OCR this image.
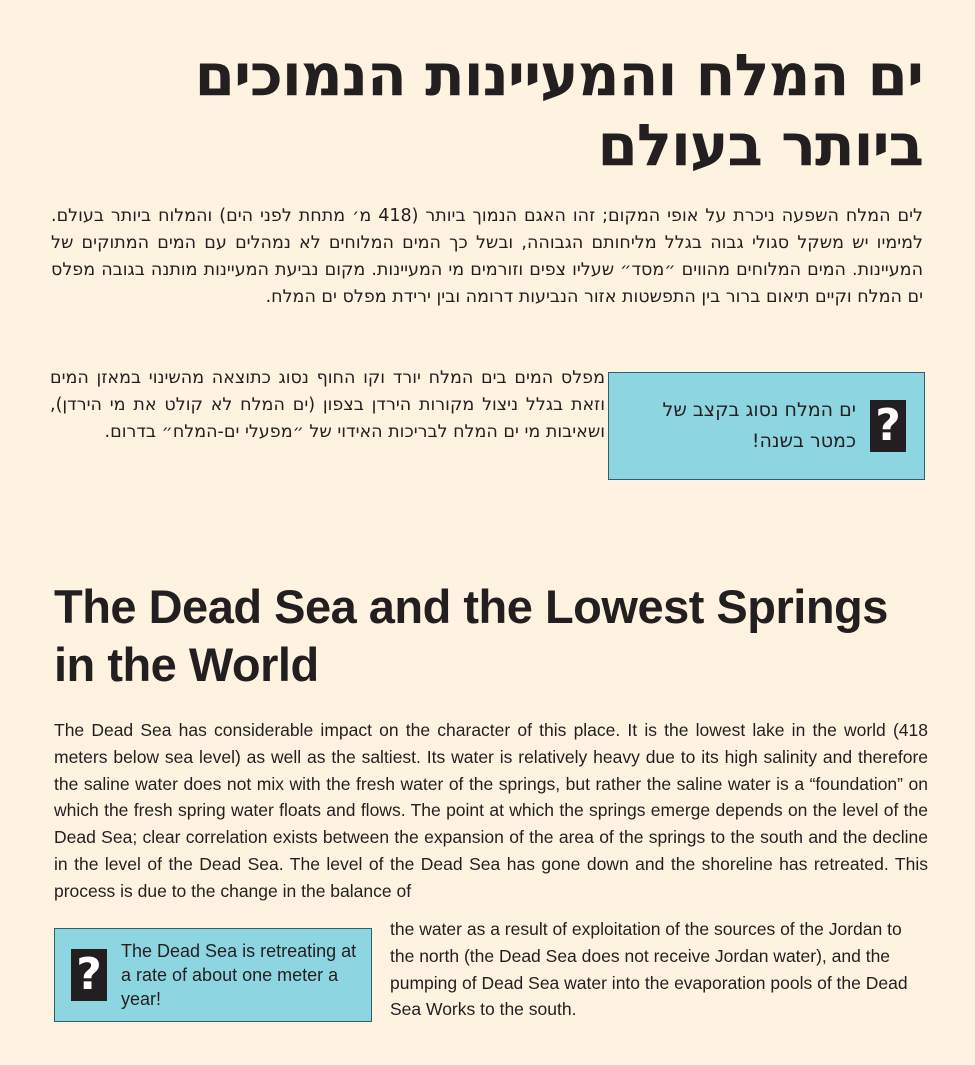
ים המלח והמעיינות הנמוכים ביותר בעולם

לים המלח השפעה ניכרת על אופי המקום; זהו האגם הנמוך ביותר (418 מ׳ מתחת לפני הים) והמלוח ביותר בעולם. למימיו יש משקל סגולי גבוה בגלל מליחותם הגבוהה, ובשל כך המים המלוחים לא נמהלים עם המים המתוקים של המעיינות. המים המלוחים מהווים ״מסד״ שעליו צפים וזורמים מי המעיינות. מקום נביעת המעיינות מותנה בגובה מפלס ים המלח וקיים תיאום ברור בין התפשטות אזור הנביעות דרומה ובין ירידת מפלס ים המלח.

מפלס המים בים המלח יורד וקו החוף נסוג כתוצאה מהשינוי במאזן המים וזאת בגלל ניצול מקורות הירדן בצפון (ים המלח לא קולט את מי הירדן), ושאיבות מי ים המלח לבריכות האידוי של ״מפעלי ים-המלח״ בדרום.	?
ים המלח נסוג בקצב של כמטר בשנה!
The Dead Sea and the Lowest Springs in the World

The Dead Sea has considerable impact on the character of this place. It is the lowest lake in the world (418 meters below sea level) as well as the saltiest. Its water is relatively heavy due to its high salinity and therefore the saline water does not mix with the fresh water of the springs, but rather the saline water is a “foundation” on which the fresh spring water floats and flows. The point at which the springs emerge depends on the level of the Dead Sea; clear correlation exists between the expansion of the area of the springs to the south and the decline in the level of the Dead Sea. The level of the Dead Sea has gone down and the shoreline has retreated. This process is due to the change in the balance of

? The Dead Sea is retreating at a rate of about one meter a year!

the water as a result of exploitation of the sources of the Jordan to the north (the Dead Sea does not receive Jordan water), and the pumping of Dead Sea water into the evaporation pools of the Dead Sea Works to the south.
